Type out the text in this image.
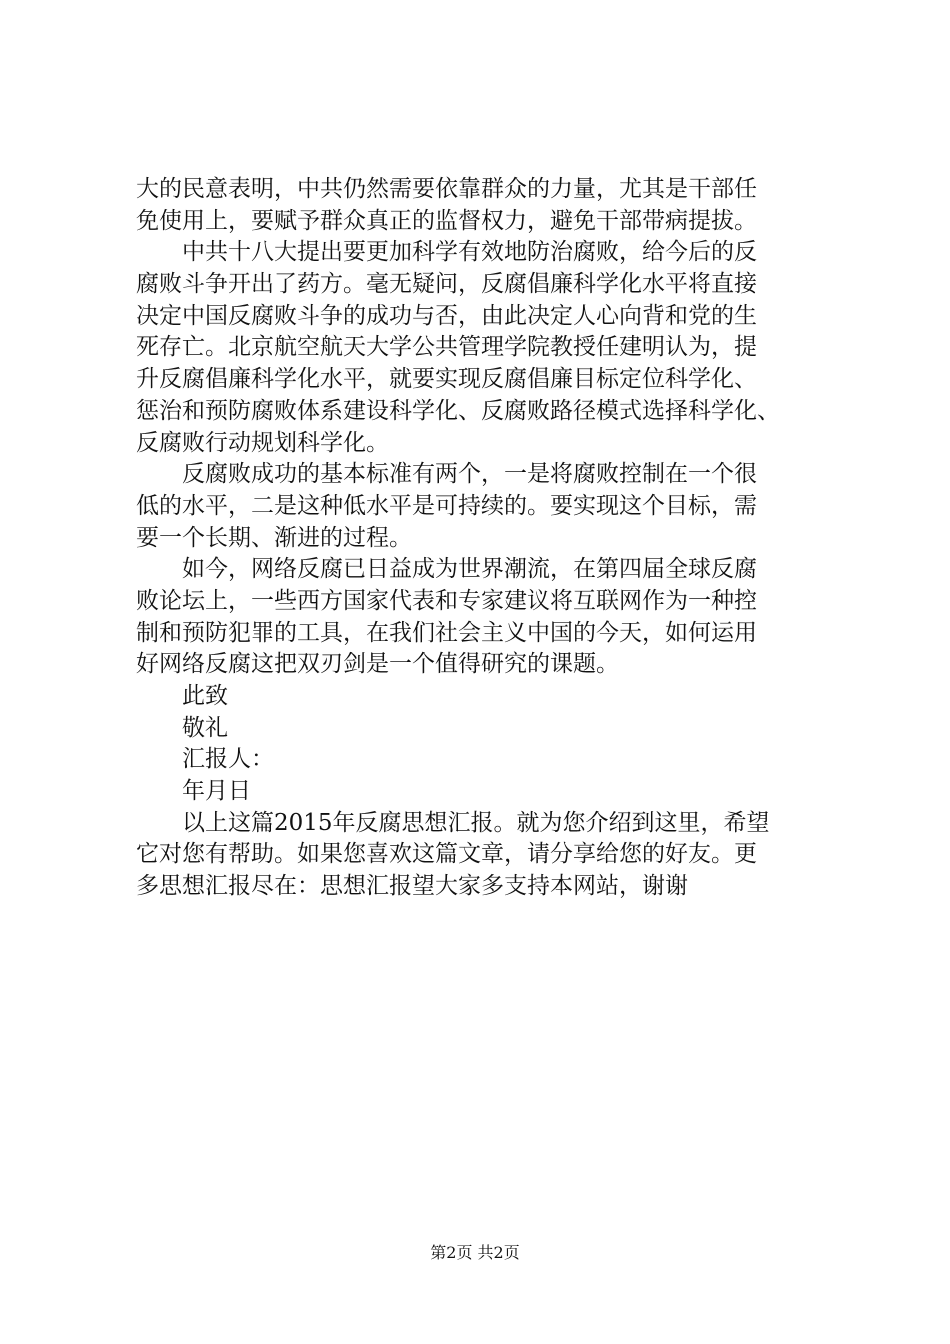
大的民意表明，中共仍然需要依靠群众的力量，尤其是干部任
免使用上，要赋予群众真正的监督权力，避免干部带病提拔。
中共十八大提出要更加科学有效地防治腐败，给今后的反
腐败斗争开出了药方。毫无疑问，反腐倡廉科学化水平将直接
决定中国反腐败斗争的成功与否，由此决定人心向背和党的生
死存亡。北京航空航天大学公共管理学院教授任建明认为，提
升反腐倡廉科学化水平，就要实现反腐倡廉目标定位科学化、
惩治和预防腐败体系建设科学化、反腐败路径模式选择科学化、
反腐败行动规划科学化。
反腐败成功的基本标准有两个，一是将腐败控制在一个很
低的水平，二是这种低水平是可持续的。要实现这个目标，需
要一个长期、渐进的过程。
如今，网络反腐已日益成为世界潮流，在第四届全球反腐
败论坛上，一些西方国家代表和专家建议将互联网作为一种控
制和预防犯罪的工具，在我们社会主义中国的今天，如何运用
好网络反腐这把双刃剑是一个值得研究的课题。
此致
敬礼
汇报人：
年月日
以上这篇2015年反腐思想汇报。就为您介绍到这里，希望
它对您有帮助。如果您喜欢这篇文章，请分享给您的好友。更
多思想汇报尽在：思想汇报望大家多支持本网站，谢谢
第2页 共2页
